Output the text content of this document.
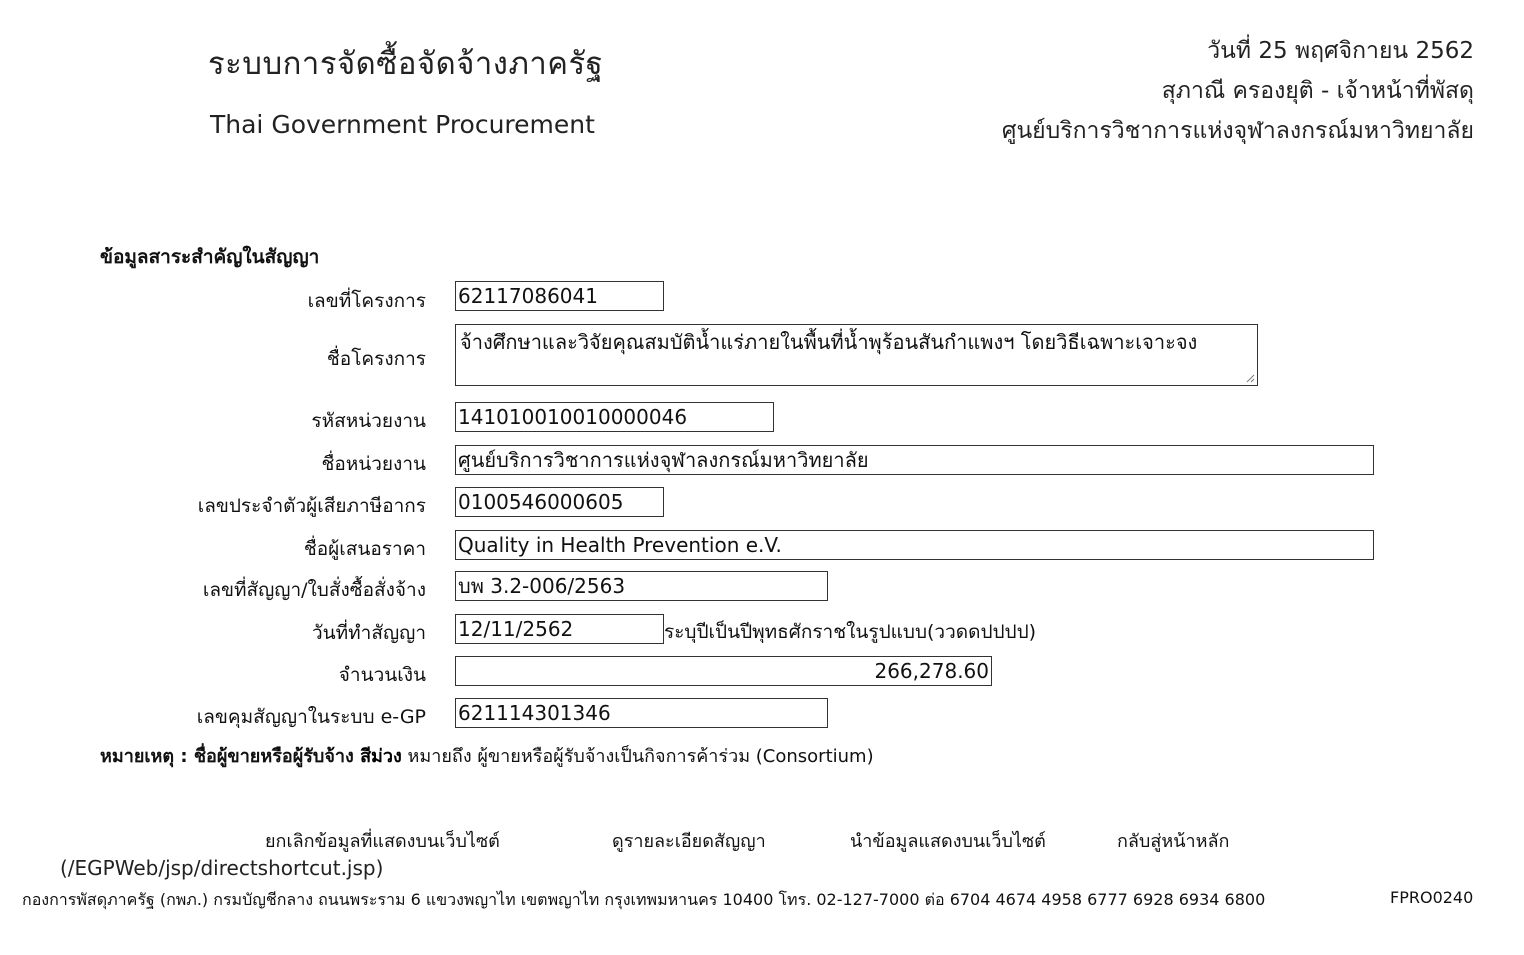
ระบบการจัดซื้อจัดจ้างภาครัฐ
Thai Government Procurement
วันที่ 25 พฤศจิกายน 2562
สุภาณี ครองยุติ - เจ้าหน้าที่พัสดุ
ศูนย์บริการวิชาการแห่งจุฬาลงกรณ์มหาวิทยาลัย
ข้อมูลสาระสำคัญในสัญญา
เลขที่โครงการ 62117086041
ชื่อโครงการ
จ้างศึกษาและวิจัยคุณสมบัติน้ำแร่ภายในพื้นที่น้ำพุร้อนสันกำแพงฯ โดยวิธีเฉพาะเจาะจง
รหัสหน่วยงาน 141010010010000046
ชื่อหน่วยงาน ศูนย์บริการวิชาการแห่งจุฬาลงกรณ์มหาวิทยาลัย
เลขประจำตัวผู้เสียภาษีอากร 0100546000605
ชื่อผู้เสนอราคา Quality in Health Prevention e.V.
เลขที่สัญญา/ใบสั่งซื้อสั่งจ้าง บพ 3.2-006/2563
วันที่ทำสัญญา 12/11/2562	ระบุปีเป็นปีพุทธศักราชในรูปแบบ(ววดดปปปป)
จำนวนเงิน	266,278.60
เลขคุมสัญญาในระบบ e-GP 621114301346
หมายเหตุ : ชื่อผู้ขายหรือผู้รับจ้าง สีม่วง หมายถึง ผู้ขายหรือผู้รับจ้างเป็นกิจการค้าร่วม (Consortium)
ยกเลิกข้อมูลที่แสดงบนเว็บไซต์	ดูรายละเอียดสัญญา	นำข้อมูลแสดงบนเว็บไซต์	กลับสู่หน้าหลัก
(/EGPWeb/jsp/directshortcut.jsp)
กองการพัสดุภาครัฐ (กพภ.) กรมบัญชีกลาง ถนนพระราม 6 แขวงพญาไท เขตพญาไท กรุงเทพมหานคร 10400 โทร. 02-127-7000 ต่อ 6704 4674 4958 6777 6928 6934 6800	FPRO0240
